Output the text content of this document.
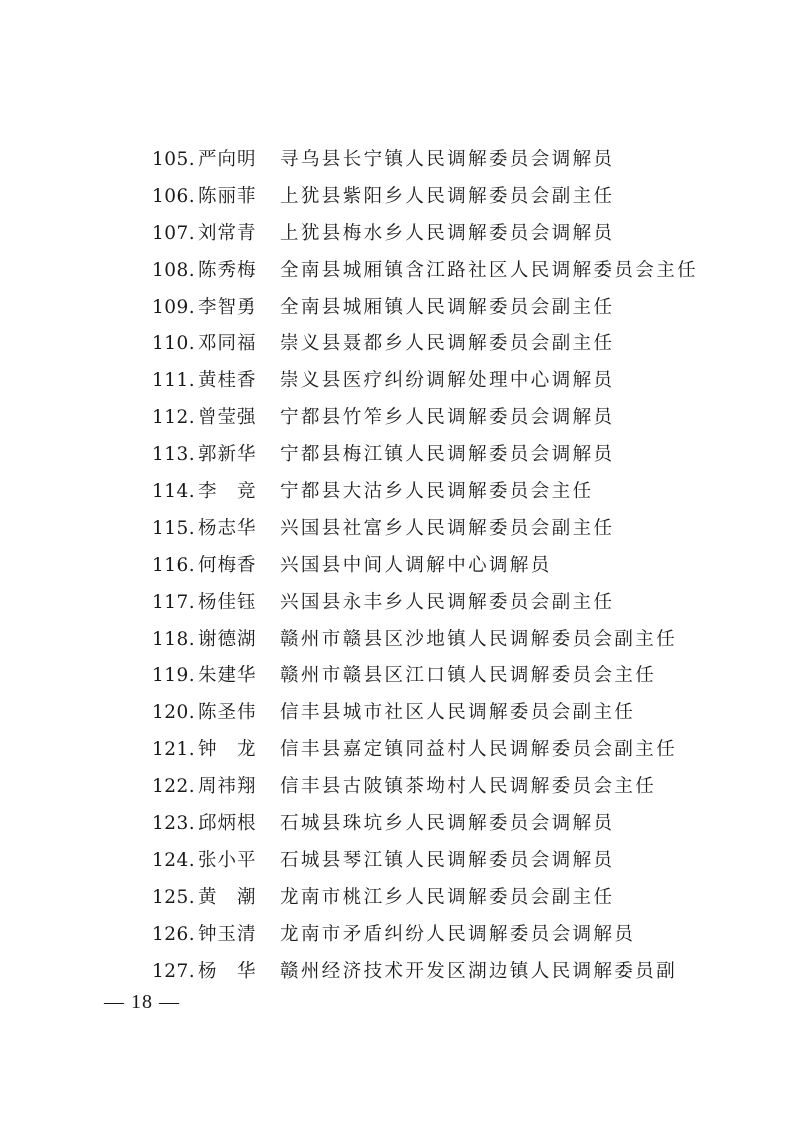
105. 严向明 寻乌县长宁镇人民调解委员会调解员
106. 陈丽菲 上犹县紫阳乡人民调解委员会副主任
107. 刘常青 上犹县梅水乡人民调解委员会调解员
108. 陈秀梅 全南县城厢镇含江路社区人民调解委员会主任
109. 李智勇 全南县城厢镇人民调解委员会副主任
110. 邓同福 崇义县聂都乡人民调解委员会副主任
111. 黄桂香 崇义县医疗纠纷调解处理中心调解员
112. 曾莹强 宁都县竹笮乡人民调解委员会调解员
113. 郭新华 宁都县梅江镇人民调解委员会调解员
114. 李　竞 宁都县大沽乡人民调解委员会主任
115. 杨志华 兴国县社富乡人民调解委员会副主任
116. 何梅香 兴国县中间人调解中心调解员
117. 杨佳钰 兴国县永丰乡人民调解委员会副主任
118. 谢德湖 赣州市赣县区沙地镇人民调解委员会副主任
119. 朱建华 赣州市赣县区江口镇人民调解委员会主任
120. 陈圣伟 信丰县城市社区人民调解委员会副主任
121. 钟　龙 信丰县嘉定镇同益村人民调解委员会副主任
122. 周祎翔 信丰县古陂镇茶坳村人民调解委员会主任
123. 邱炳根 石城县珠坑乡人民调解委员会调解员
124. 张小平 石城县琴江镇人民调解委员会调解员
125. 黄　潮 龙南市桃江乡人民调解委员会副主任
126. 钟玉清 龙南市矛盾纠纷人民调解委员会调解员
127. 杨　华 赣州经济技术开发区湖边镇人民调解委员副
— 18 —
